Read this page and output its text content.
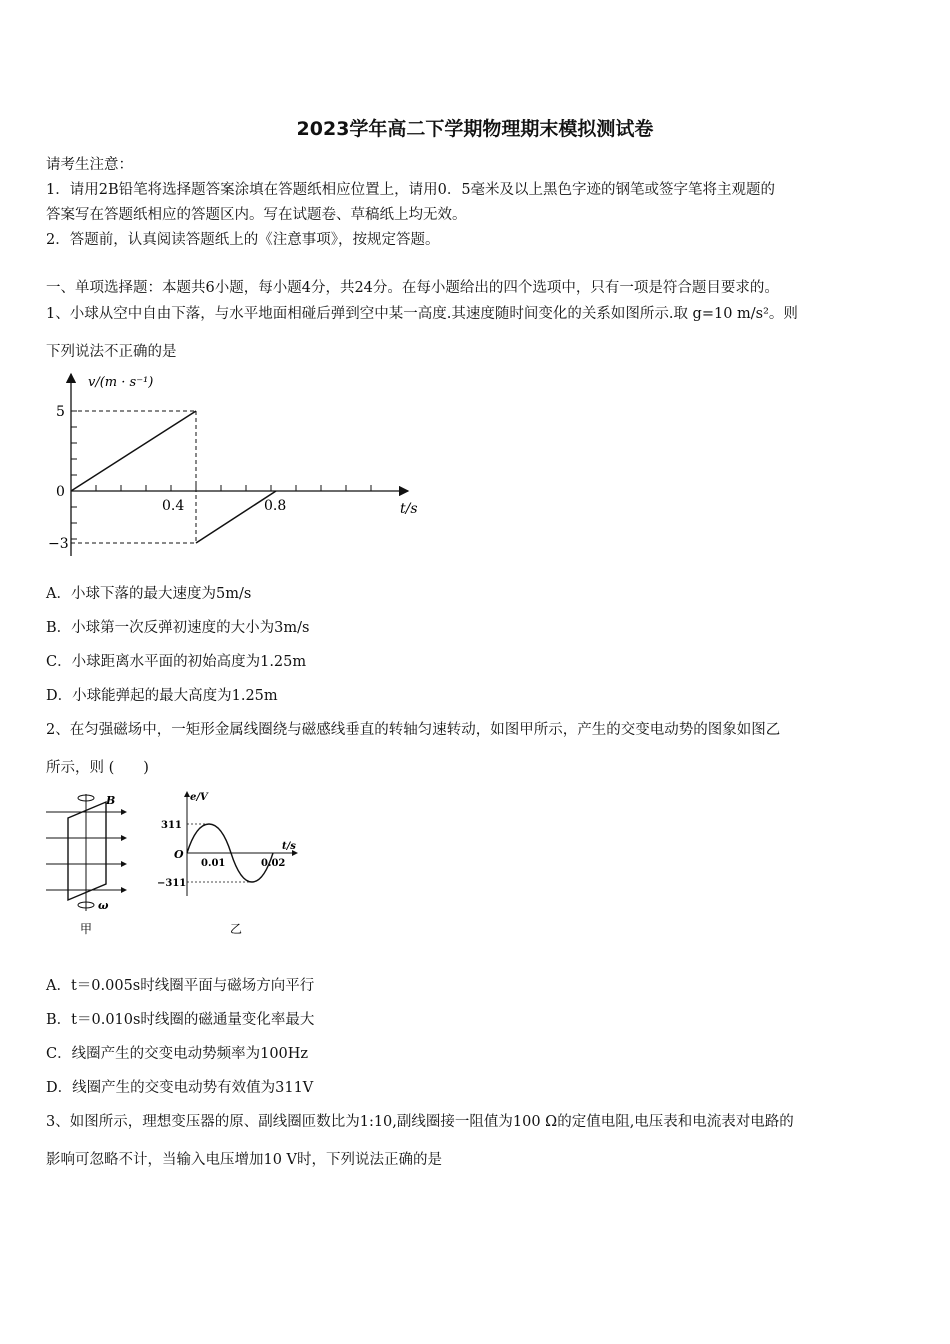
2023学年高二下学期物理期末模拟测试卷
请考生注意：
1．请用2B铅笔将选择题答案涂填在答题纸相应位置上，请用0．5毫米及以上黑色字迹的钢笔或签字笔将主观题的
答案写在答题纸相应的答题区内。写在试题卷、草稿纸上均无效。
2．答题前，认真阅读答题纸上的《注意事项》，按规定答题。
一、单项选择题：本题共6小题，每小题4分，共24分。在每小题给出的四个选项中，只有一项是符合题目要求的。
1、小球从空中自由下落，与水平地面相碰后弹到空中某一高度.其速度随时间变化的关系如图所示.取 g=10 m/s²。则
下列说法不正确的是
v/(m · s⁻¹)
5
0
−3
0.4	0.8	t/s
A．小球下落的最大速度为5m/s
B．小球第一次反弹初速度的大小为3m/s
C．小球距离水平面的初始高度为1.25m
D．小球能弹起的最大高度为1.25m
2、在匀强磁场中，一矩形金属线圈绕与磁感线垂直的转轴匀速转动，如图甲所示，产生的交变电动势的图象如图乙
所示，则 (　　)
B
ω
甲
e/V
311
−311
O
0.01	0.02
t/s
乙
A．t＝0.005s时线圈平面与磁场方向平行
B．t＝0.010s时线圈的磁通量变化率最大
C．线圈产生的交变电动势频率为100Hz
D．线圈产生的交变电动势有效值为311V
3、如图所示，理想变压器的原、副线圈匝数比为1:10,副线圈接一阻值为100 Ω的定值电阻,电压表和电流表对电路的
影响可忽略不计，当输入电压增加10 V时，下列说法正确的是
